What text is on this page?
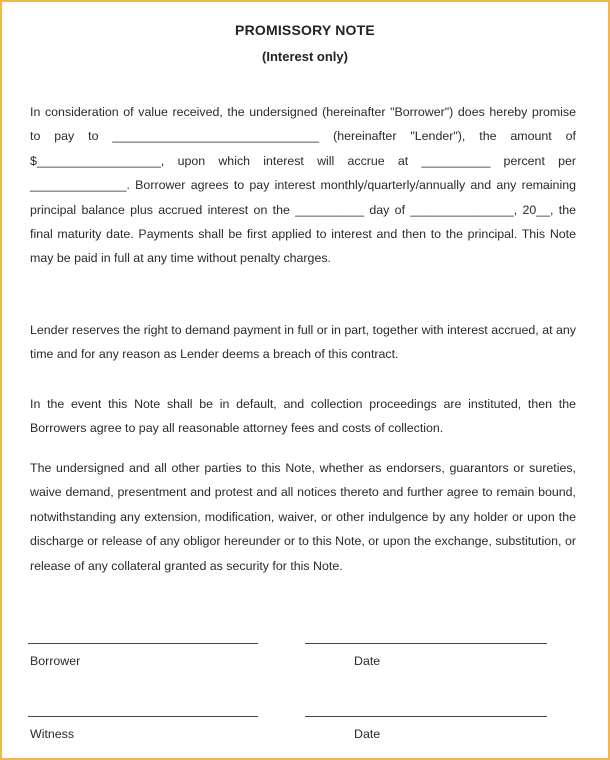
PROMISSORY NOTE
(Interest only)

In consideration of value received, the undersigned (hereinafter "Borrower") does hereby promise to pay to ______________________________ (hereinafter "Lender"), the amount of $__________________, upon which interest will accrue at __________ percent per ______________. Borrower agrees to pay interest monthly/quarterly/annually and any remaining principal balance plus accrued interest on the __________ day of _______________, 20__, the final maturity date. Payments shall be first applied to interest and then to the principal. This Note may be paid in full at any time without penalty charges.

Lender reserves the right to demand payment in full or in part, together with interest accrued, at any time and for any reason as Lender deems a breach of this contract.

In the event this Note shall be in default, and collection proceedings are instituted, then the Borrowers agree to pay all reasonable attorney fees and costs of collection.

The undersigned and all other parties to this Note, whether as endorsers, guarantors or sureties, waive demand, presentment and protest and all notices thereto and further agree to remain bound, notwithstanding any extension, modification, waiver, or other indulgence by any holder or upon the discharge or release of any obligor hereunder or to this Note, or upon the exchange, substitution, or release of any collateral granted as security for this Note.

Borrower	Date
Witness	Date
